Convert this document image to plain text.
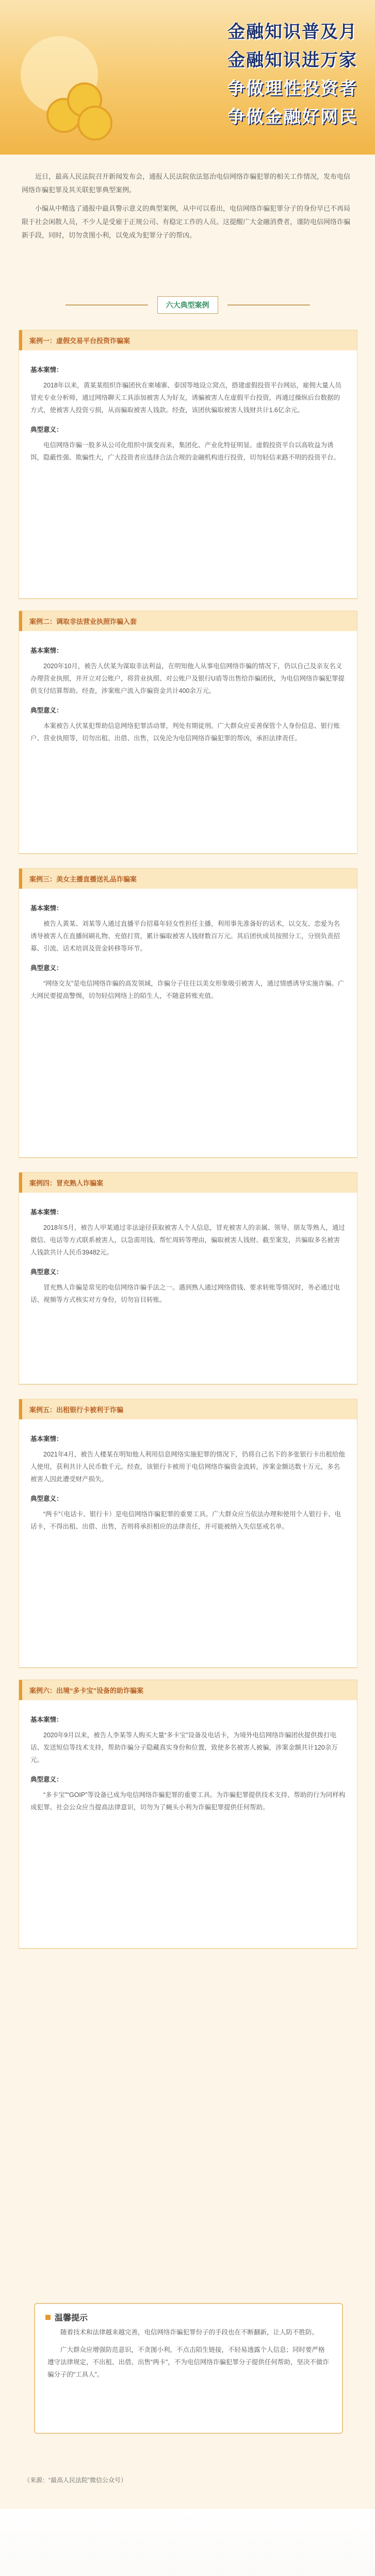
金融知识普及月
金融知识进万家
争做理性投资者
争做金融好网民

近日，最高人民法院召开新闻发布会，通报人民法院依法惩治电信网络诈骗犯罪的相关工作情况，发布电信网络诈骗犯罪及其关联犯罪典型案例。

小编从中精选了通报中最具警示意义的典型案例，从中可以看出，电信网络诈骗犯罪分子的身份早已不再局限于社会闲散人员，不少人是受雇于正规公司、有稳定工作的人员。这提醒广大金融消费者，谨防电信网络诈骗新手段，同时，切勿贪图小利，以免成为犯罪分子的帮凶。

六大典型案例
案例一：虚假交易平台投资诈骗案
基本案情：

2018年以来，黄某某组织诈骗团伙在柬埔寨、泰国等地设立窝点，搭建虚假投资平台网站，雇佣大量人员冒充专业分析师，通过网络聊天工具添加被害人为好友，诱骗被害人在虚假平台投资，再通过操纵后台数据的方式，使被害人投资亏损，从而骗取被害人钱款。经查，该团伙骗取被害人钱财共计1.6亿余元。

典型意义：

电信网络诈骗一股多从公司化组织中演变而来，集团化、产业化特征明显。虚假投资平台以高收益为诱饵，隐蔽性强、欺骗性大，广大投资者应选择合法合规的金融机构进行投资，切勿轻信来路不明的投资平台。

案例二：调取非法营业执照诈骗入套
基本案情：

2020年10月，被告人伏某为谋取非法利益，在明知他人从事电信网络诈骗的情况下，仍以自己及亲友名义办理营业执照，并开立对公账户，将营业执照、对公账户及银行U盾等出售给诈骗团伙，为电信网络诈骗犯罪提供支付结算帮助。经查，涉案账户流入诈骗资金共计400余万元。

典型意义：

本案被告人伏某犯帮助信息网络犯罪活动罪，判处有期徒刑。广大群众应妥善保管个人身份信息、银行账户、营业执照等，切勿出租、出借、出售，以免沦为电信网络诈骗犯罪的帮凶，承担法律责任。

案例三：美女主播直播送礼品诈骗案
基本案情：

被告人黄某、刘某等人通过直播平台招募年轻女性担任主播，利用事先准备好的话术，以交友、恋爱为名诱导被害人在直播间刷礼物、充值打赏，累计骗取被害人钱财数百万元。其后团伙成员按照分工，分别负责招募、引流、话术培训及资金转移等环节。

典型意义：

“网络交友”是电信网络诈骗的高发领域，诈骗分子往往以美女形象吸引被害人，通过情感诱导实施诈骗。广大网民要提高警惕，切勿轻信网络上的陌生人，不随意转账充值。

案例四：冒充熟人诈骗案
基本案情：

2018年5月，被告人甲某通过非法途径获取被害人个人信息，冒充被害人的亲属、领导、朋友等熟人，通过微信、电话等方式联系被害人，以急需用钱、帮忙周转等理由，骗取被害人钱财。截至案发，共骗取多名被害人钱款共计人民币39482元。

典型意义：

冒充熟人诈骗是常见的电信网络诈骗手法之一。遇到熟人通过网络借钱、要求转账等情况时，务必通过电话、视频等方式核实对方身份，切勿盲目转账。

案例五：出租银行卡被利于诈骗
基本案情：

2021年4月，被告人楼某在明知他人利用信息网络实施犯罪的情况下，仍将自己名下的多张银行卡出租给他人使用，获利共计人民币数千元。经查，该银行卡被用于电信网络诈骗资金流转，涉案金额达数十万元，多名被害人因此遭受财产损失。

典型意义：

“两卡”（电话卡、银行卡）是电信网络诈骗犯罪的重要工具。广大群众应当依法办理和使用个人银行卡、电话卡，不得出租、出借、出售，否则将承担相应的法律责任，并可能被纳入失信惩戒名单。

案例六：出境“多卡宝”设备的助诈骗案
基本案情：

2020年9月以来，被告人李某等人购买大量“多卡宝”设备及电话卡，为境外电信网络诈骗团伙提供拨打电话、发送短信等技术支持，帮助诈骗分子隐藏真实身份和位置，致使多名被害人被骗，涉案金额共计120余万元。

典型意义：

“多卡宝”“GOIP”等设备已成为电信网络诈骗犯罪的重要工具。为诈骗犯罪提供技术支持、帮助的行为同样构成犯罪。社会公众应当提高法律意识，切勿为了蝇头小利为诈骗犯罪提供任何帮助。

温馨提示

随着技术和法律越来越完善，电信网络诈骗犯罪份子的手段也在不断翻新，让人防不胜防。

广大群众应增强防范意识，不贪图小利，不点击陌生链接，不轻易透露个人信息；同时要严格遵守法律规定，不出租、出借、出售“两卡”，不为电信网络诈骗犯罪分子提供任何帮助，坚决不做诈骗分子的“工具人”。

（来源：“最高人民法院”微信公众号）
